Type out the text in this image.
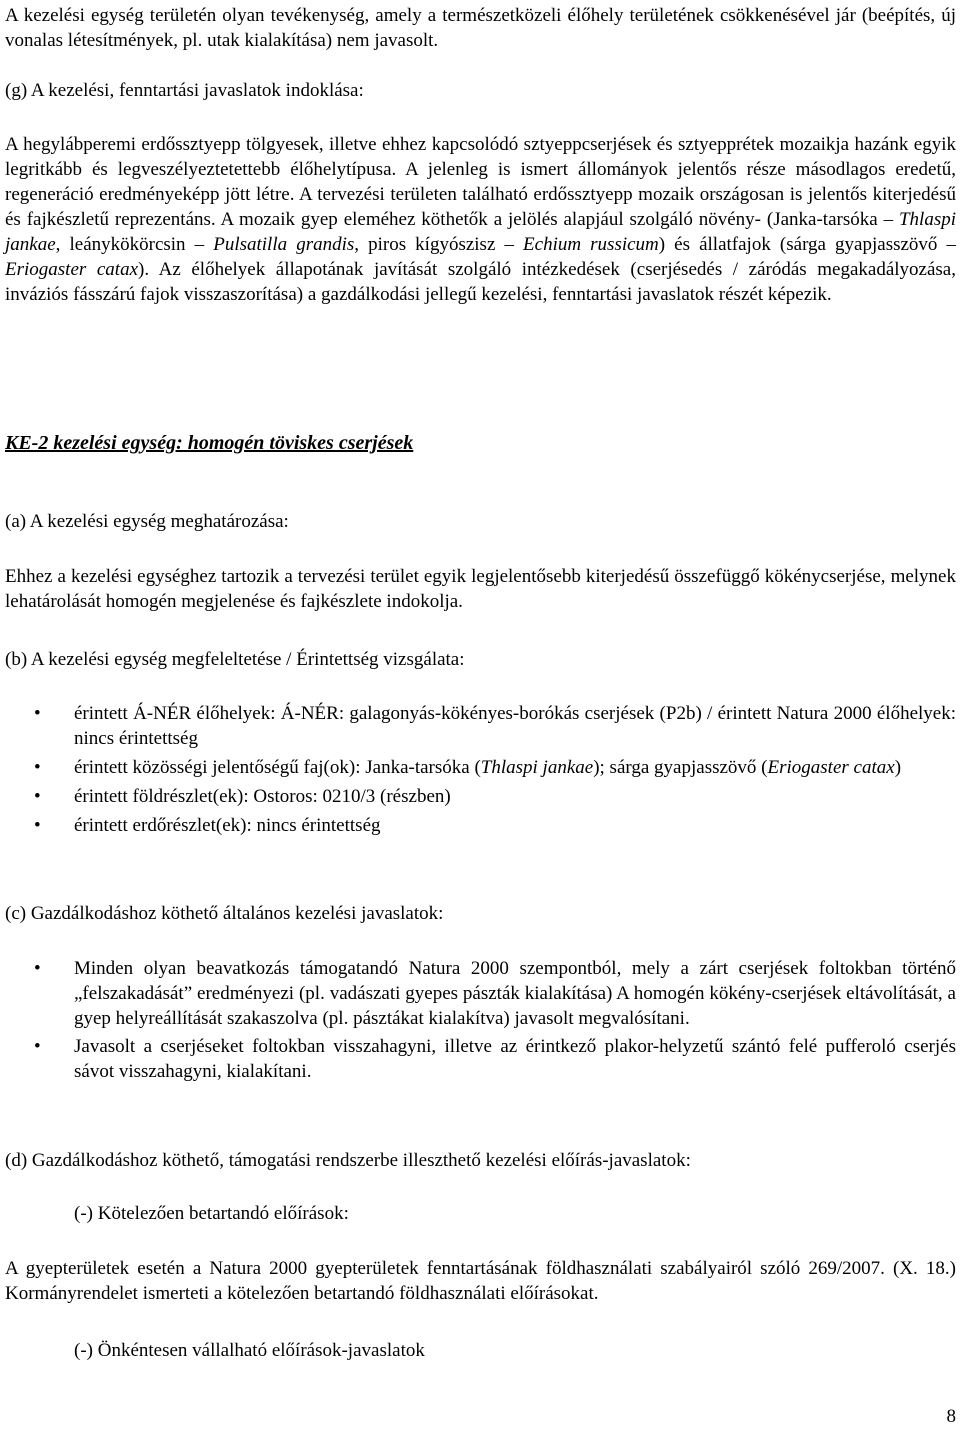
A kezelési egység területén olyan tevékenység, amely a természetközeli élőhely területének csökkenésével jár (beépítés, új vonalas létesítmények, pl. utak kialakítása) nem javasolt.

(g) A kezelési, fenntartási javaslatok indoklása:

A hegylábperemi erdőssztyepp tölgyesek, illetve ehhez kapcsolódó sztyeppcserjések és sztyepprétek mozaikja hazánk egyik legritkább és legveszélyeztetettebb élőhelytípusa. A jelenleg is ismert állományok jelentős része másodlagos eredetű, regeneráció eredményeképp jött létre. A tervezési területen található erdőssztyepp mozaik országosan is jelentős kiterjedésű és fajkészletű reprezentáns. A mozaik gyep eleméhez köthetők a jelölés alapjául szolgáló növény- (Janka-tarsóka – Thlaspi jankae, leánykökörcsin – Pulsatilla grandis, piros kígyószisz – Echium russicum) és állatfajok (sárga gyapjasszövő – Eriogaster catax). Az élőhelyek állapotának javítását szolgáló intézkedések (cserjésedés / záródás megakadályozása, inváziós fásszárú fajok visszaszorítása) a gazdálkodási jellegű kezelési, fenntartási javaslatok részét képezik.

KE-2 kezelési egység: homogén töviskes cserjések
(a) A kezelési egység meghatározása:

Ehhez a kezelési egységhez tartozik a tervezési terület egyik legjelentősebb kiterjedésű összefüggő kökénycserjése, melynek lehatárolását homogén megjelenése és fajkészlete indokolja.

(b) A kezelési egység megfeleltetése / Érintettség vizsgálata:
• érintett Á-NÉR élőhelyek: Á-NÉR: galagonyás-kökényes-borókás cserjések (P2b) / érintett Natura 2000 élőhelyek: nincs érintettség
• érintett közösségi jelentőségű faj(ok): Janka-tarsóka (Thlaspi jankae); sárga gyapjasszövő (Eriogaster catax)
• érintett földrészlet(ek): Ostoros: 0210/3 (részben)
• érintett erdőrészlet(ek): nincs érintettség
(c) Gazdálkodáshoz köthető általános kezelési javaslatok:
• Minden olyan beavatkozás támogatandó Natura 2000 szempontból, mely a zárt cserjések foltokban történő „felszakadását” eredményezi (pl. vadászati gyepes pászták kialakítása) A homogén kökény-cserjések eltávolítását, a gyep helyreállítását szakaszolva (pl. pásztákat kialakítva) javasolt megvalósítani.
• Javasolt a cserjéseket foltokban visszahagyni, illetve az érintkező plakor-helyzetű szántó felé pufferoló cserjés sávot visszahagyni, kialakítani.
(d) Gazdálkodáshoz köthető, támogatási rendszerbe illeszthető kezelési előírás-javaslatok:
(-) Kötelezően betartandó előírások:

A gyepterületek esetén a Natura 2000 gyepterületek fenntartásának földhasználati szabályairól szóló 269/2007. (X. 18.) Kormányrendelet ismerteti a kötelezően betartandó földhasználati előírásokat.

(-) Önkéntesen vállalható előírások-javaslatok
8
